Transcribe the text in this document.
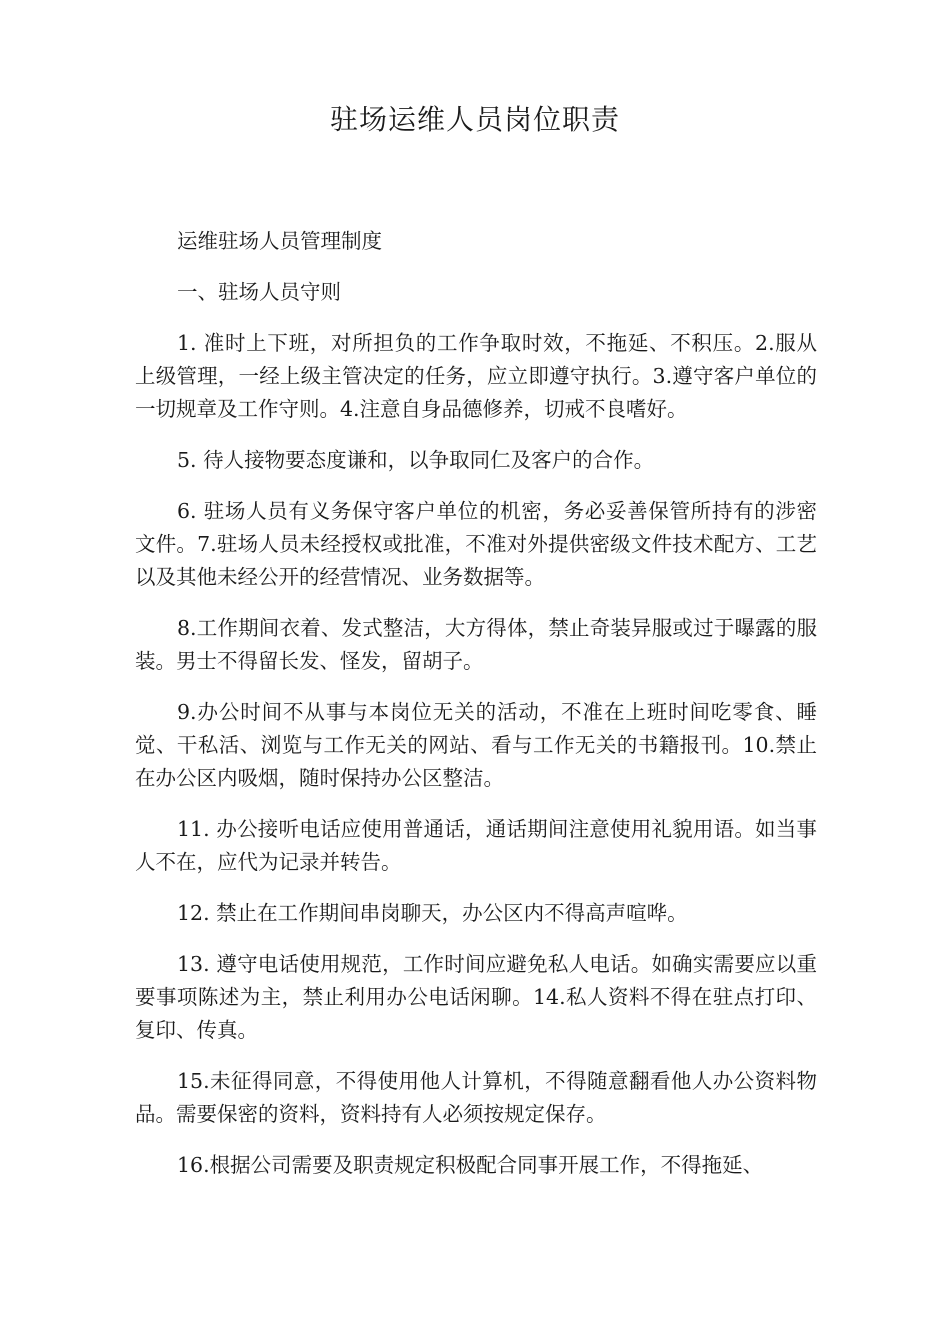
驻场运维人员岗位职责

运维驻场人员管理制度

一、驻场人员守则

1. 准时上下班，对所担负的工作争取时效，不拖延、不积压。2.服从上级管理，一经上级主管决定的任务，应立即遵守执行。3.遵守客户单位的一切规章及工作守则。4.注意自身品德修养，切戒不良嗜好。

5. 待人接物要态度谦和，以争取同仁及客户的合作。

6. 驻场人员有义务保守客户单位的机密，务必妥善保管所持有的涉密文件。7.驻场人员未经授权或批准，不准对外提供密级文件技术配方、工艺以及其他未经公开的经营情况、业务数据等。

8.工作期间衣着、发式整洁，大方得体，禁止奇装异服或过于曝露的服装。男士不得留长发、怪发，留胡子。

9.办公时间不从事与本岗位无关的活动，不准在上班时间吃零食、睡觉、干私活、浏览与工作无关的网站、看与工作无关的书籍报刊。10.禁止在办公区内吸烟，随时保持办公区整洁。

11. 办公接听电话应使用普通话，通话期间注意使用礼貌用语。如当事人不在，应代为记录并转告。

12. 禁止在工作期间串岗聊天，办公区内不得高声喧哗。

13. 遵守电话使用规范，工作时间应避免私人电话。如确实需要应以重要事项陈述为主，禁止利用办公电话闲聊。14.私人资料不得在驻点打印、复印、传真。

15.未征得同意，不得使用他人计算机，不得随意翻看他人办公资料物品。需要保密的资料，资料持有人必须按规定保存。

16.根据公司需要及职责规定积极配合同事开展工作，不得拖延、
